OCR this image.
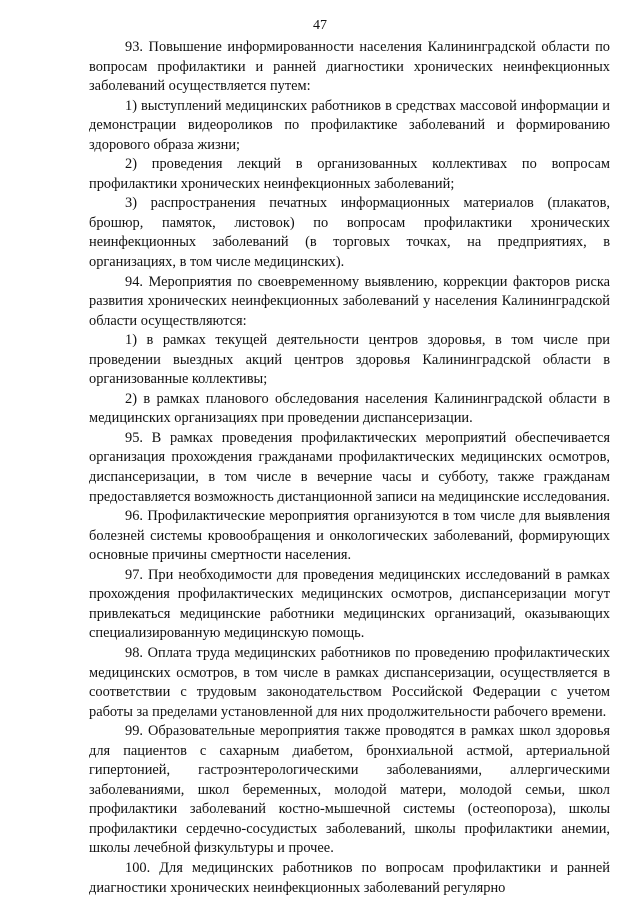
47

93. Повышение информированности населения Калининградской области по вопросам профилактики и ранней диагностики хронических неинфекционных заболеваний осуществляется путем:

1) выступлений медицинских работников в средствах массовой информации и демонстрации видеороликов по профилактике заболеваний и формированию здорового образа жизни;

2) проведения лекций в организованных коллективах по вопросам профилактики хронических неинфекционных заболеваний;

3) распространения печатных информационных материалов (плакатов, брошюр, памяток, листовок) по вопросам профилактики хронических неинфекционных заболеваний (в торговых точках, на предприятиях, в организациях, в том числе медицинских).

94. Мероприятия по своевременному выявлению, коррекции факторов риска развития хронических неинфекционных заболеваний у населения Калининградской области осуществляются:

1) в рамках текущей деятельности центров здоровья, в том числе при проведении выездных акций центров здоровья Калининградской области в организованные коллективы;

2) в рамках планового обследования населения Калининградской области в медицинских организациях при проведении диспансеризации.

95. В рамках проведения профилактических мероприятий обеспечивается организация прохождения гражданами профилактических медицинских осмотров, диспансеризации, в том числе в вечерние часы и субботу, также гражданам предоставляется возможность дистанционной записи на медицинские исследования.

96. Профилактические мероприятия организуются в том числе для выявления болезней системы кровообращения и онкологических заболеваний, формирующих основные причины смертности населения.

97. При необходимости для проведения медицинских исследований в рамках прохождения профилактических медицинских осмотров, диспансеризации могут привлекаться медицинские работники медицинских организаций, оказывающих специализированную медицинскую помощь.

98. Оплата труда медицинских работников по проведению профилактических медицинских осмотров, в том числе в рамках диспансеризации, осуществляется в соответствии с трудовым законодательством Российской Федерации с учетом работы за пределами установленной для них продолжительности рабочего времени.

99. Образовательные мероприятия также проводятся в рамках школ здоровья для пациентов с сахарным диабетом, бронхиальной астмой, артериальной гипертонией, гастроэнтерологическими заболеваниями, аллергическими заболеваниями, школ беременных, молодой матери, молодой семьи, школ профилактики заболеваний костно-мышечной системы (остеопороза), школы профилактики сердечно-сосудистых заболеваний, школы профилактики анемии, школы лечебной физкультуры и прочее.

100. Для медицинских работников по вопросам профилактики и ранней диагностики хронических неинфекционных заболеваний регулярно
